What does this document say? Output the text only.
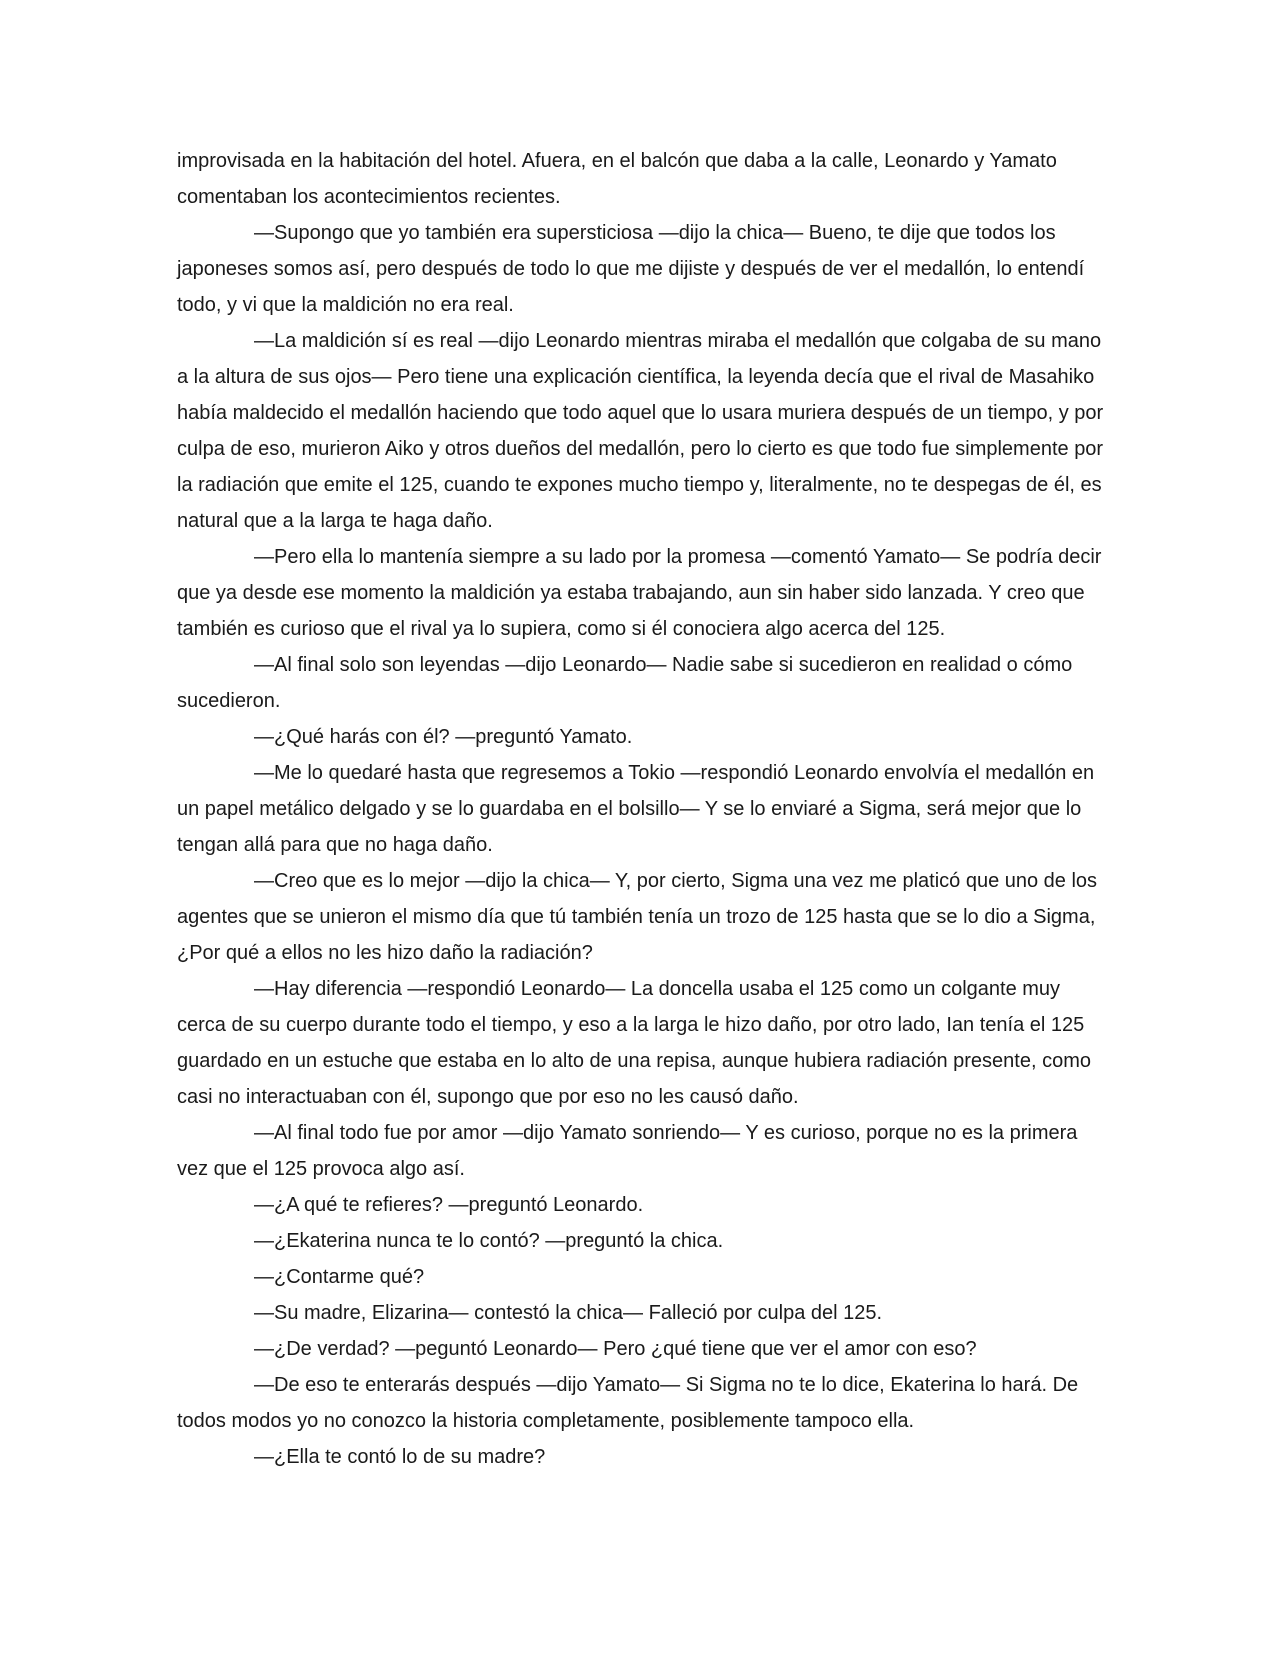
improvisada en la habitación del hotel. Afuera, en el balcón que daba a la calle, Leonardo y Yamato comentaban los acontecimientos recientes.

—Supongo que yo también era supersticiosa —dijo la chica— Bueno, te dije que todos los japoneses somos así, pero después de todo lo que me dijiste y después de ver el medallón, lo entendí todo, y vi que la maldición no era real.

—La maldición sí es real —dijo Leonardo mientras miraba el medallón que colgaba de su mano a la altura de sus ojos— Pero tiene una explicación científica, la leyenda decía que el rival de Masahiko había maldecido el medallón haciendo que todo aquel que lo usara muriera después de un tiempo, y por culpa de eso, murieron Aiko y otros dueños del medallón, pero lo cierto es que todo fue simplemente por la radiación que emite el 125, cuando te expones mucho tiempo y, literalmente, no te despegas de él, es natural que a la larga te haga daño.

—Pero ella lo mantenía siempre a su lado por la promesa —comentó Yamato— Se podría decir que ya desde ese momento la maldición ya estaba trabajando, aun sin haber sido lanzada. Y creo que también es curioso que el rival ya lo supiera, como si él conociera algo acerca del 125.

—Al final solo son leyendas —dijo Leonardo— Nadie sabe si sucedieron en realidad o cómo sucedieron.

—¿Qué harás con él? —preguntó Yamato.

—Me lo quedaré hasta que regresemos a Tokio —respondió Leonardo envolvía el medallón en un papel metálico delgado y se lo guardaba en el bolsillo— Y se lo enviaré a Sigma, será mejor que lo tengan allá para que no haga daño.

—Creo que es lo mejor —dijo la chica— Y, por cierto, Sigma una vez me platicó que uno de los agentes que se unieron el mismo día que tú también tenía un trozo de 125 hasta que se lo dio a Sigma, ¿Por qué a ellos no les hizo daño la radiación?

—Hay diferencia —respondió Leonardo— La doncella usaba el 125 como un colgante muy cerca de su cuerpo durante todo el tiempo, y eso a la larga le hizo daño, por otro lado, Ian tenía el 125 guardado en un estuche que estaba en lo alto de una repisa, aunque hubiera radiación presente, como casi no interactuaban con él, supongo que por eso no les causó daño.

—Al final todo fue por amor —dijo Yamato sonriendo— Y es curioso, porque no es la primera vez que el 125 provoca algo así.

—¿A qué te refieres? —preguntó Leonardo.

—¿Ekaterina nunca te lo contó? —preguntó la chica.

—¿Contarme qué?

—Su madre, Elizarina— contestó la chica— Falleció por culpa del 125.

—¿De verdad? —peguntó Leonardo— Pero ¿qué tiene que ver el amor con eso?

—De eso te enterarás después —dijo Yamato— Si Sigma no te lo dice, Ekaterina lo hará. De todos modos yo no conozco la historia completamente, posiblemente tampoco ella.

—¿Ella te contó lo de su madre?
